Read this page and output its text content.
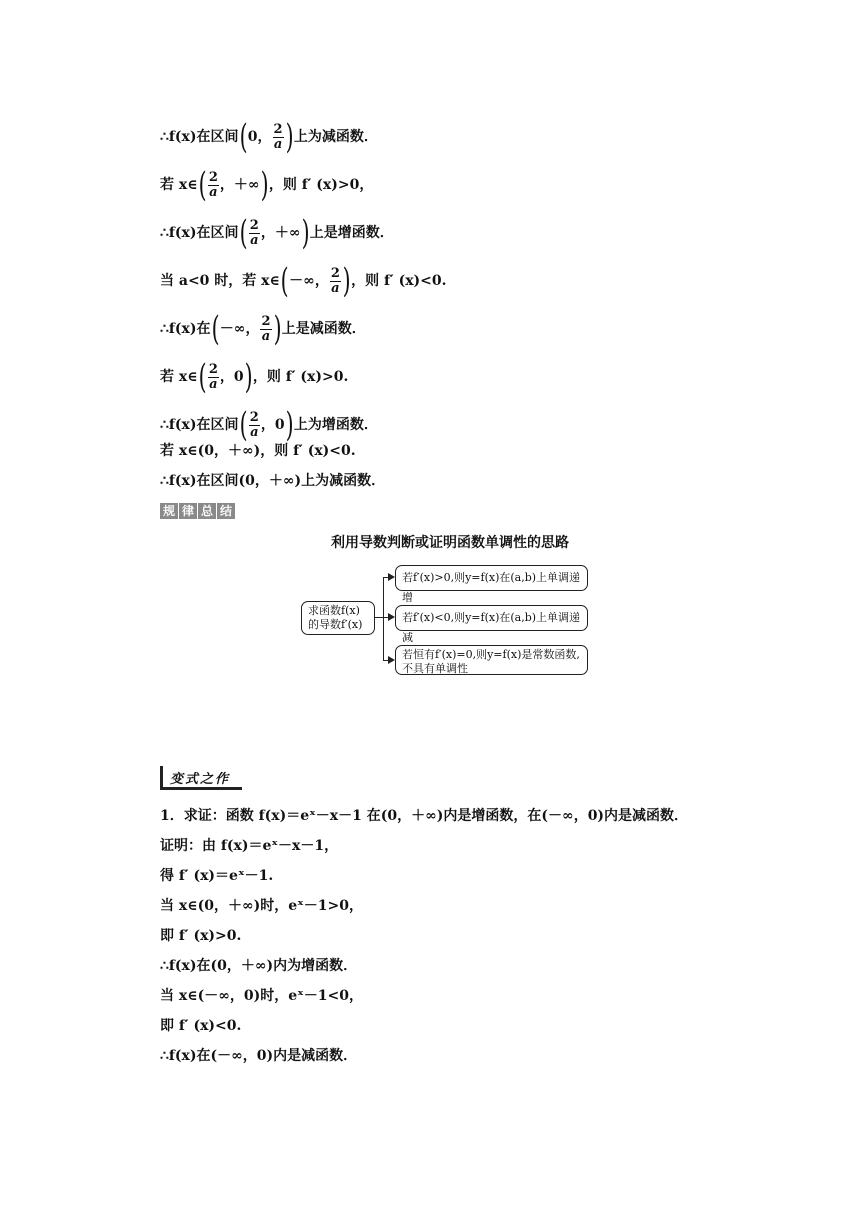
∴f(x)在区间(0， $\frac{2}{a}$ )上为减函数．
若 x∈( $\frac{2}{a}$ ，＋∞)，则 f′ (x)>0，
∴f(x)在区间( $\frac{2}{a}$ ，＋∞)上是增函数．
当 a<0 时，若 x∈(－∞， $\frac{2}{a}$ )，则 f′ (x)<0.
∴f(x)在(－∞， $\frac{2}{a}$ )上是减函数．
若 x∈( $\frac{2}{a}$ ，0)，则 f′ (x)>0.
∴f(x)在区间( $\frac{2}{a}$ ，0)上为增函数．
若 x∈(0，＋∞)，则 f′ (x)<0.
∴f(x)在区间(0，＋∞)上为减函数．
规 律 总 结
利用导数判断或证明函数单调性的思路
求函数f(x)的导数f′(x)
若f′(x)>0,则y=f(x)在(a,b)上单调递增
若f′(x)<0,则y=f(x)在(a,b)上单调递减
若恒有f′(x)=0,则y=f(x)是常数函数,不具有单调性
变式之作
1．求证：函数 f(x)＝eˣ－x－1 在(0，＋∞)内是增函数，在(－∞，0)内是减函数．
证明：由 f(x)＝eˣ－x－1，
得 f′ (x)＝eˣ－1.
当 x∈(0，＋∞)时，eˣ－1>0，
即 f′ (x)>0.
∴f(x)在(0，＋∞)内为增函数．
当 x∈(－∞，0)时，eˣ－1<0，
即 f′ (x)<0.
∴f(x)在(－∞，0)内是减函数．
